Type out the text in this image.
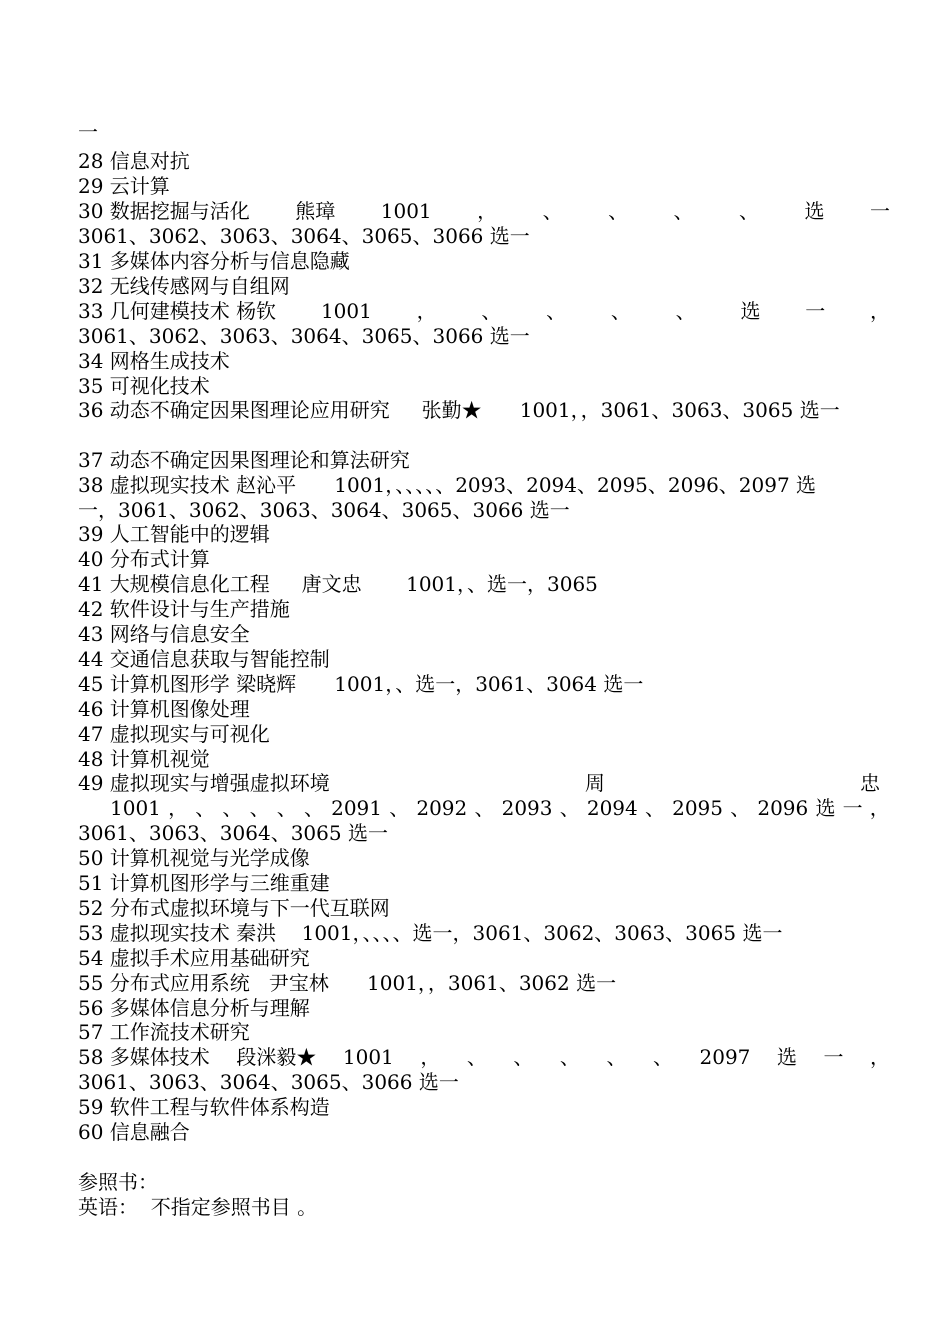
一
28 信息对抗
29 云计算
30 数据挖掘与活化 熊璋 1001 ， 、 、 、 、 选 一
3061、3062、3063、3064、3065、3066 选一
31 多媒体内容分析与信息隐藏
32 无线传感网与自组网
33 几何建模技术 杨钦 1001 ， 、 、 、 、 选 一 ，
3061、3062、3063、3064、3065、3066 选一
34 网格生成技术
35 可视化技术
36 动态不确定因果图理论应用研究     张勤★      1001，，3061、3063、3065 选一
37 动态不确定因果图理论和算法研究
38 虚拟现实技术 赵沁平      1001，、、、、、2093、2094、2095、2096、2097 选
一，3061、3062、3063、3064、3065、3066 选一
39 人工智能中的逻辑
40 分布式计算
41 大规模信息化工程     唐文忠       1001，、选一，3065
42 软件设计与生产措施
43 网络与信息安全
44 交通信息获取与智能控制
45 计算机图形学 梁晓辉      1001，、选一，3061、3064 选一
46 计算机图像处理
47 虚拟现实与可视化
48 计算机视觉
49 虚拟现实与增强虚拟环境	周	忠
1001 ， 、 、 、 、 、 2091 、 2092 、 2093 、 2094 、 2095 、 2096 选 一 ，
3061、3063、3064、3065 选一
50 计算机视觉与光学成像
51 计算机图形学与三维重建
52 分布式虚拟环境与下一代互联网
53 虚拟现实技术 秦洪    1001，、、、、选一，3061、3062、3063、3065 选一
54 虚拟手术应用基础研究
55 分布式应用系统   尹宝林      1001，，3061、3062 选一
56 多媒体信息分析与理解
57 工作流技术研究
58 多媒体技术 段洣毅★ 1001 ， 、 、 、 、 、 2097 选 一 ，
3061、3063、3064、3065、3066 选一
59 软件工程与软件体系构造
60 信息融合
参照书：
英语：  不指定参照书目 。
